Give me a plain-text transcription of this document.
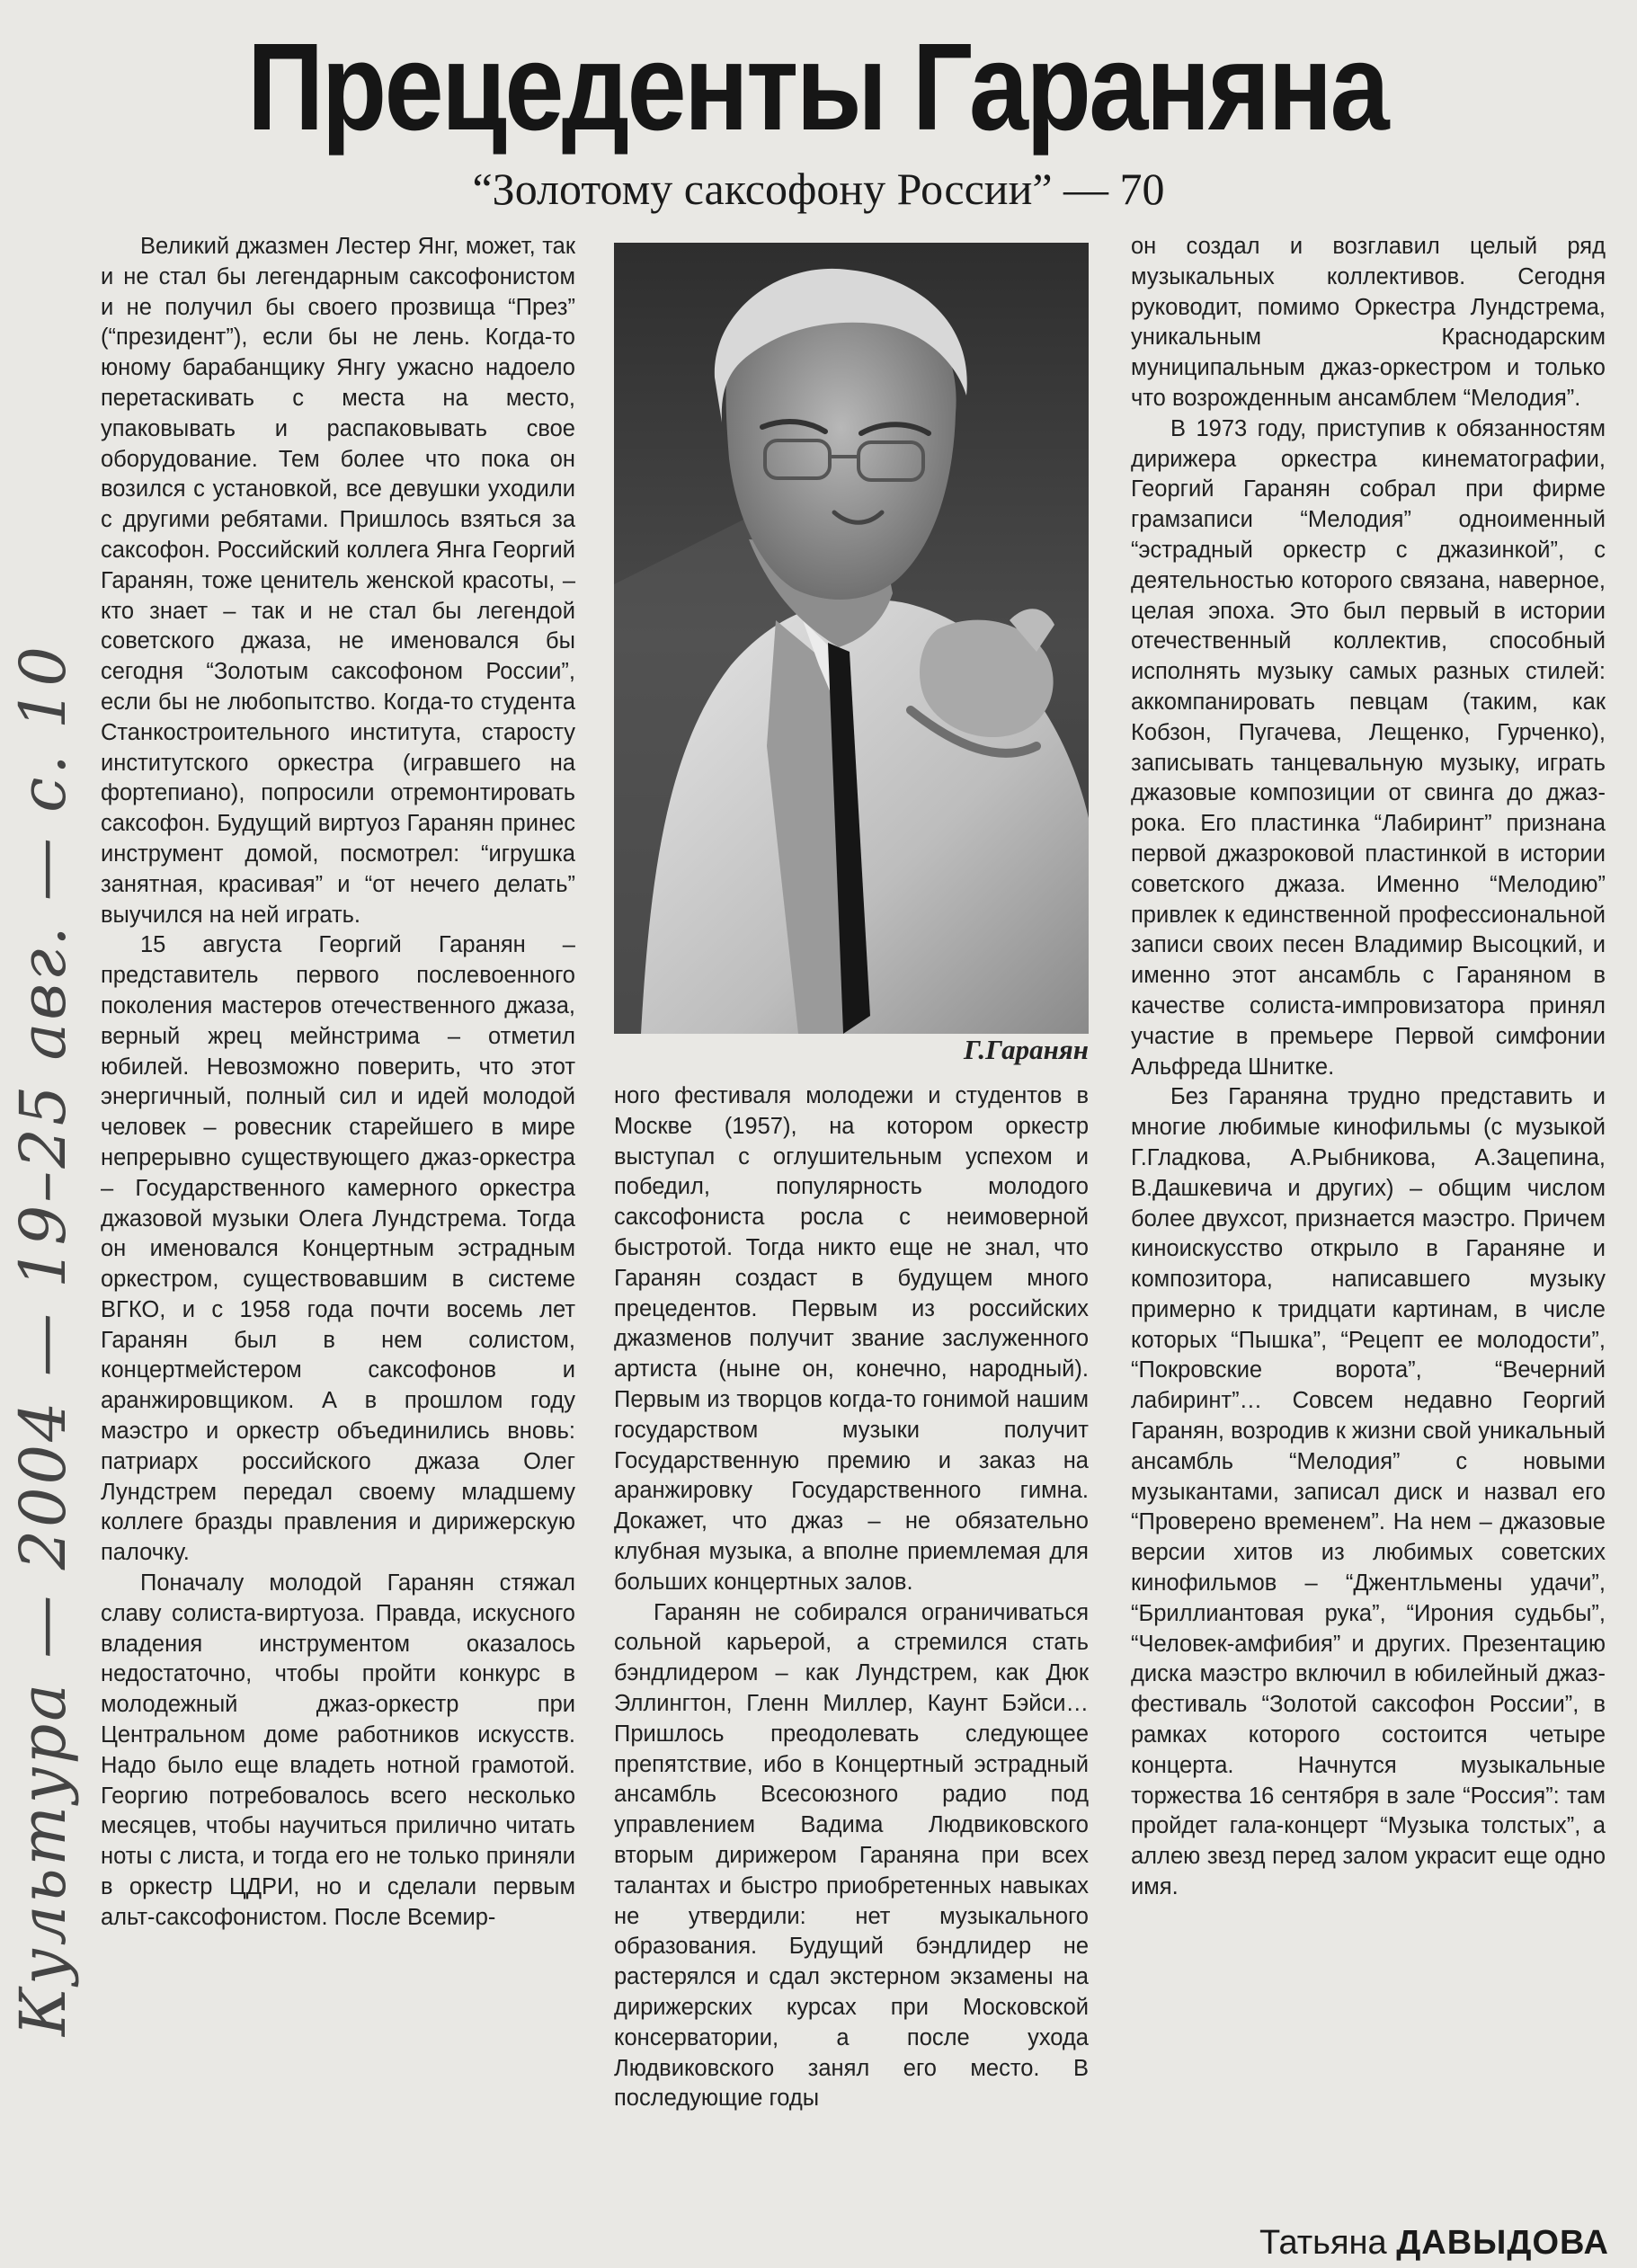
Прецеденты Гараняна
“Золотому саксофону России” — 70

Великий джазмен Лестер Янг, может, так и не стал бы легендарным саксофонистом и не получил бы своего прозвища “През” (“президент”), если бы не лень. Когда-то юному барабанщику Янгу ужасно надоело перетаскивать с места на место, упаковывать и распаковывать свое оборудование. Тем более что пока он возился с установкой, все девушки уходили с другими ребятами. Пришлось взяться за саксофон. Российский коллега Янга Георгий Гаранян, тоже ценитель женской красоты, – кто знает – так и не стал бы легендой советского джаза, не именовался бы сегодня “Золотым саксофоном России”, если бы не любопытство. Когда-то студента Станкостроительного института, старосту институтского оркестра (игравшего на фортепиано), попросили отремонтировать саксофон. Будущий виртуоз Гаранян принес инструмент домой, посмотрел: “игрушка занятная, красивая” и “от нечего делать” выучился на ней играть.

15 августа Георгий Гаранян – представитель первого послевоенного поколения мастеров отечественного джаза, верный жрец мейнстрима – отметил юбилей. Невозможно поверить, что этот энергичный, полный сил и идей молодой человек – ровесник старейшего в мире непрерывно существующего джаз-оркестра – Государственного камерного оркестра джазовой музыки Олега Лундстрема. Тогда он именовался Концертным эстрадным оркестром, существовавшим в системе ВГКО, и с 1958 года почти восемь лет Гаранян был в нем солистом, концертмейстером саксофонов и аранжировщиком. А в прошлом году маэстро и оркестр объединились вновь: патриарх российского джаза Олег Лундстрем передал своему младшему коллеге бразды правления и дирижерскую палочку.

Поначалу молодой Гаранян стяжал славу солиста-виртуоза. Правда, искусного владения инструментом оказалось недостаточно, чтобы пройти конкурс в молодежный джаз-оркестр при Центральном доме работников искусств. Надо было еще владеть нотной грамотой. Георгию потребовалось всего несколько месяцев, чтобы научиться прилично читать ноты с листа, и тогда его не только приняли в оркестр ЦДРИ, но и сделали первым альт-саксофонистом. После Всемир-

Г.Гаранян

ного фестиваля молодежи и студентов в Москве (1957), на котором оркестр выступал с оглушительным успехом и победил, популярность молодого саксофониста росла с неимоверной быстротой. Тогда никто еще не знал, что Гаранян создаст в будущем много прецедентов. Первым из российских джазменов получит звание заслуженного артиста (ныне он, конечно, народный). Первым из творцов когда-то гонимой нашим государством музыки получит Государственную премию и заказ на аранжировку Государственного гимна. Докажет, что джаз – не обязательно клубная музыка, а вполне приемлемая для больших концертных залов.

Гаранян не собирался ограничиваться сольной карьерой, а стремился стать бэндлидером – как Лундстрем, как Дюк Эллингтон, Гленн Миллер, Каунт Бэйси… Пришлось преодолевать следующее препятствие, ибо в Концертный эстрадный ансамбль Всесоюзного радио под управлением Вадима Людвиковского вторым дирижером Гараняна при всех талантах и быстро приобретенных навыках не утвердили: нет музыкального образования. Будущий бэндлидер не растерялся и сдал экстерном экзамены на дирижерских курсах при Московской консерватории, а после ухода Людвиковского занял его место. В последующие годы

он создал и возглавил целый ряд музыкальных коллективов. Сегодня руководит, помимо Оркестра Лундстрема, уникальным Краснодарским муниципальным джаз-оркестром и только что возрожденным ансамблем “Мелодия”.

В 1973 году, приступив к обязанностям дирижера оркестра кинематографии, Георгий Гаранян собрал при фирме грамзаписи “Мелодия” одноименный “эстрадный оркестр с джазинкой”, с деятельностью которого связана, наверное, целая эпоха. Это был первый в истории отечественный коллектив, способный исполнять музыку самых разных стилей: аккомпанировать певцам (таким, как Кобзон, Пугачева, Лещенко, Гурченко), записывать танцевальную музыку, играть джазовые композиции от свинга до джаз-рока. Его пластинка “Лабиринт” признана первой джазроковой пластинкой в истории советского джаза. Именно “Мелодию” привлек к единственной профессиональной записи своих песен Владимир Высоцкий, и именно этот ансамбль с Гараняном в качестве солиста-импровизатора принял участие в премьере Первой симфонии Альфреда Шнитке.

Без Гараняна трудно представить и многие любимые кинофильмы (с музыкой Г.Гладкова, А.Рыбникова, А.Зацепина, В.Дашкевича и других) – общим числом более двухсот, признается маэстро. Причем киноискусство открыло в Гараняне и композитора, написавшего музыку примерно к тридцати картинам, в числе которых “Пышка”, “Рецепт ее молодости”, “Покровские ворота”, “Вечерний лабиринт”… Совсем недавно Георгий Гаранян, возродив к жизни свой уникальный ансамбль “Мелодия” с новыми музыкантами, записал диск и назвал его “Проверено временем”. На нем – джазовые версии хитов из любимых советских кинофильмов – “Джентльмены удачи”, “Бриллиантовая рука”, “Ирония судьбы”, “Человек-амфибия” и других. Презентацию диска маэстро включил в юбилейный джаз-фестиваль “Золотой саксофон России”, в рамках которого состоится четыре концерта. Начнутся музыкальные торжества 16 сентября в зале “Россия”: там пройдет гала-концерт “Музыка толстых”, а аллею звезд перед залом украсит еще одно имя.

Татьяна ДАВЫДОВА
Культура — 2004 — 19–25 авг. — с. 10
